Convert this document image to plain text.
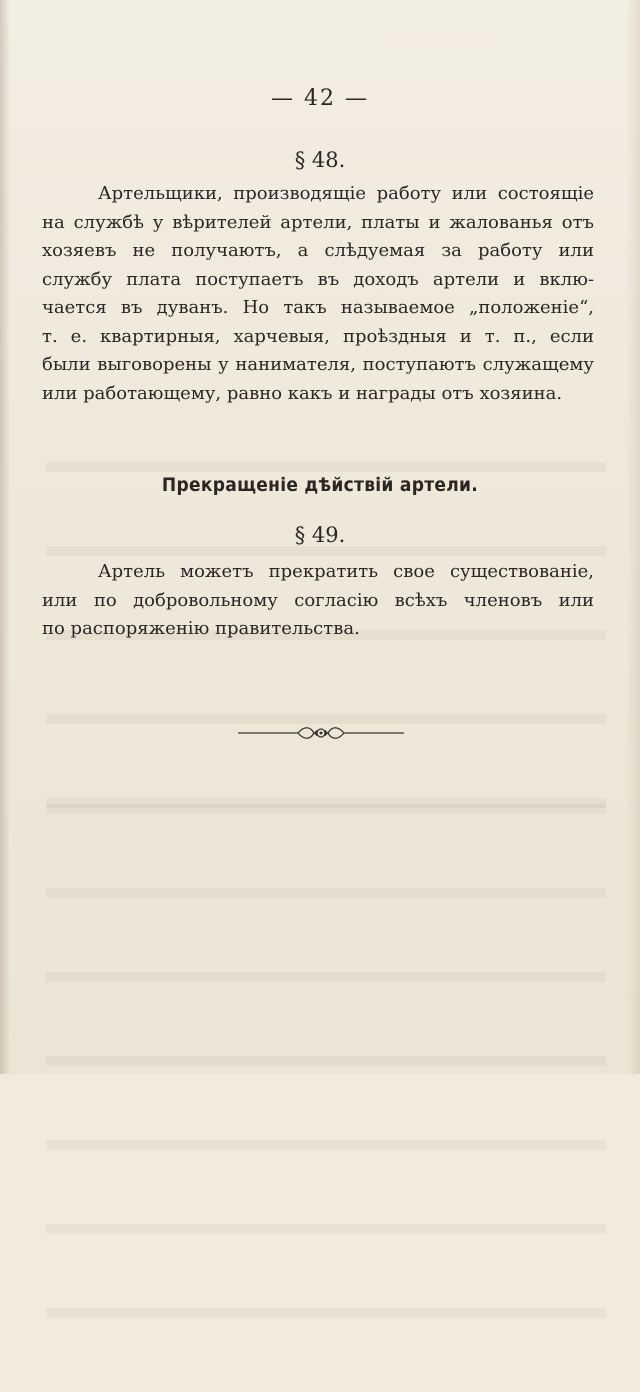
— 42 —
§ 48.
Артельщики, производящіе работу или состоящіе
на службѣ у вѣрителей артели, платы и жалованья отъ
хозяевъ не получаютъ, а слѣдуемая за работу или
службу плата поступаетъ въ доходъ артели и вклю-
чается въ дуванъ. Но такъ называемое „положеніе“,
т. е. квартирныя, харчевыя, проѣздныя и т. п., если
были выговорены у нанимателя, поступаютъ служащему
или работающему, равно какъ и награды отъ хозяина.
Прекращеніе дѣйствій артели.
§ 49.
Артель можетъ прекратить свое существованіе,
или по добровольному согласію всѣхъ членовъ или
по распоряженію правительства.
